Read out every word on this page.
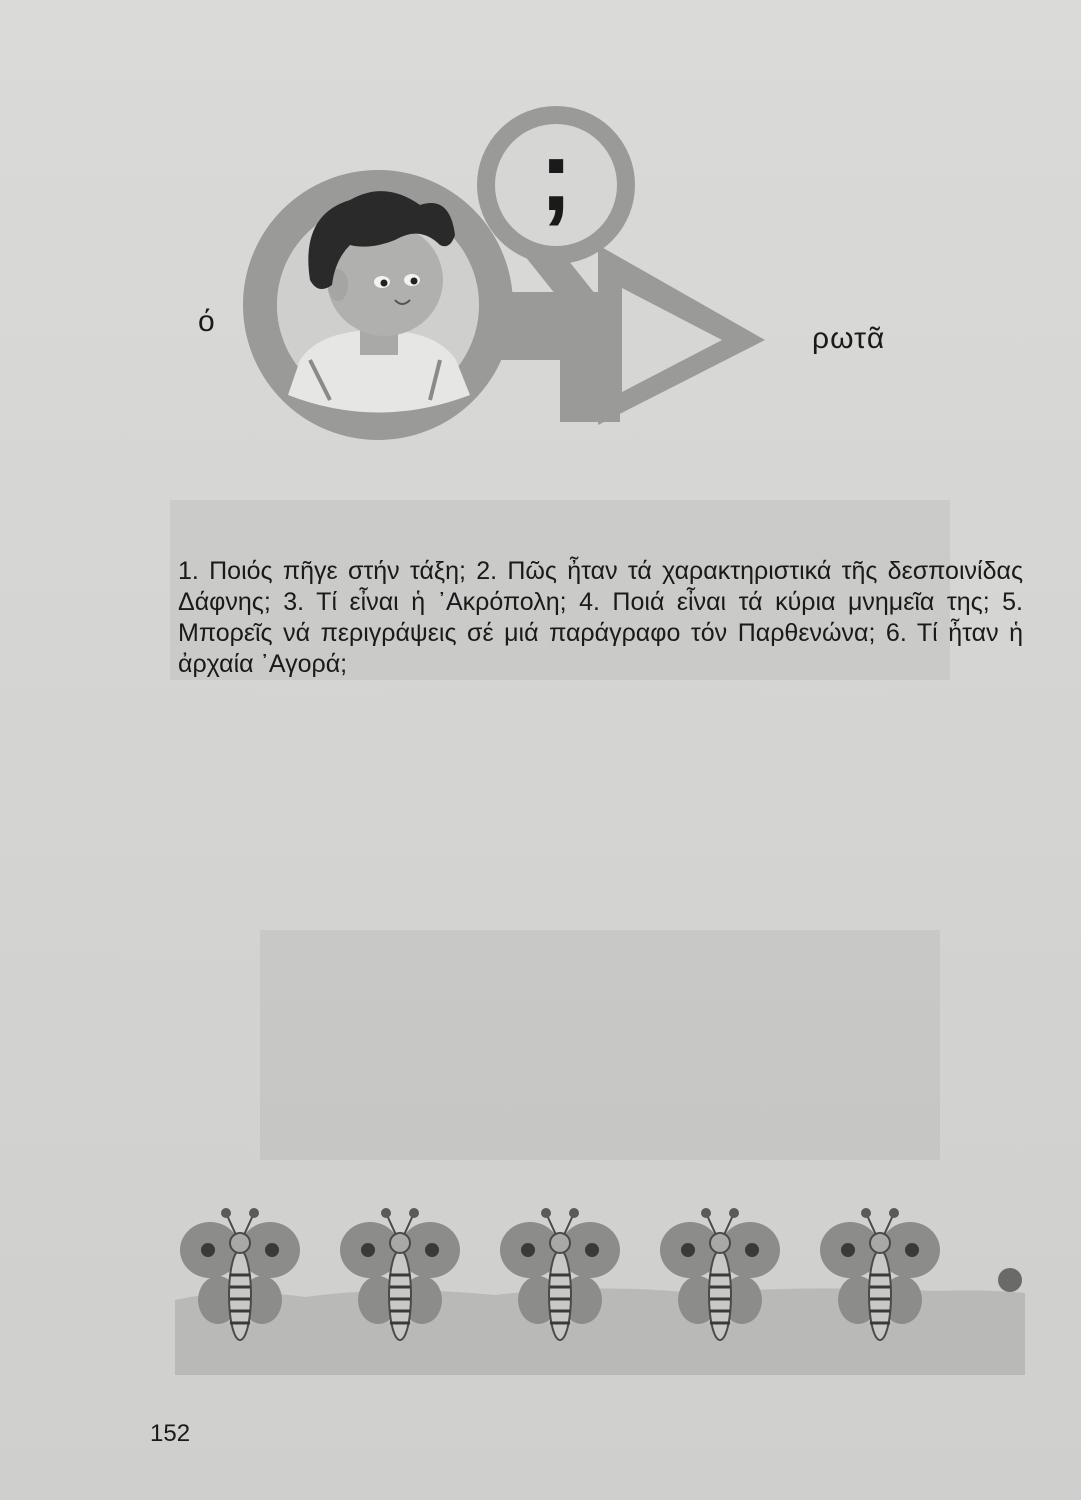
;
ό
ρωτᾶ
1. Ποιός πῆγε στήν τάξη; 2. Πῶς ἦταν τά χαρακτηριστικά τῆς δεσποινίδας Δάφνης; 3. Τί εἶναι ἡ ᾿Ακρόπολη; 4. Ποιά εἶναι τά κύρια μνημεῖα της; 5. Μπορεῖς νά περιγράψεις σέ μιά παράγραφο τόν Παρθενώνα; 6. Τί ἦταν ἡ ἀρχαία ᾿Αγορά;
152
